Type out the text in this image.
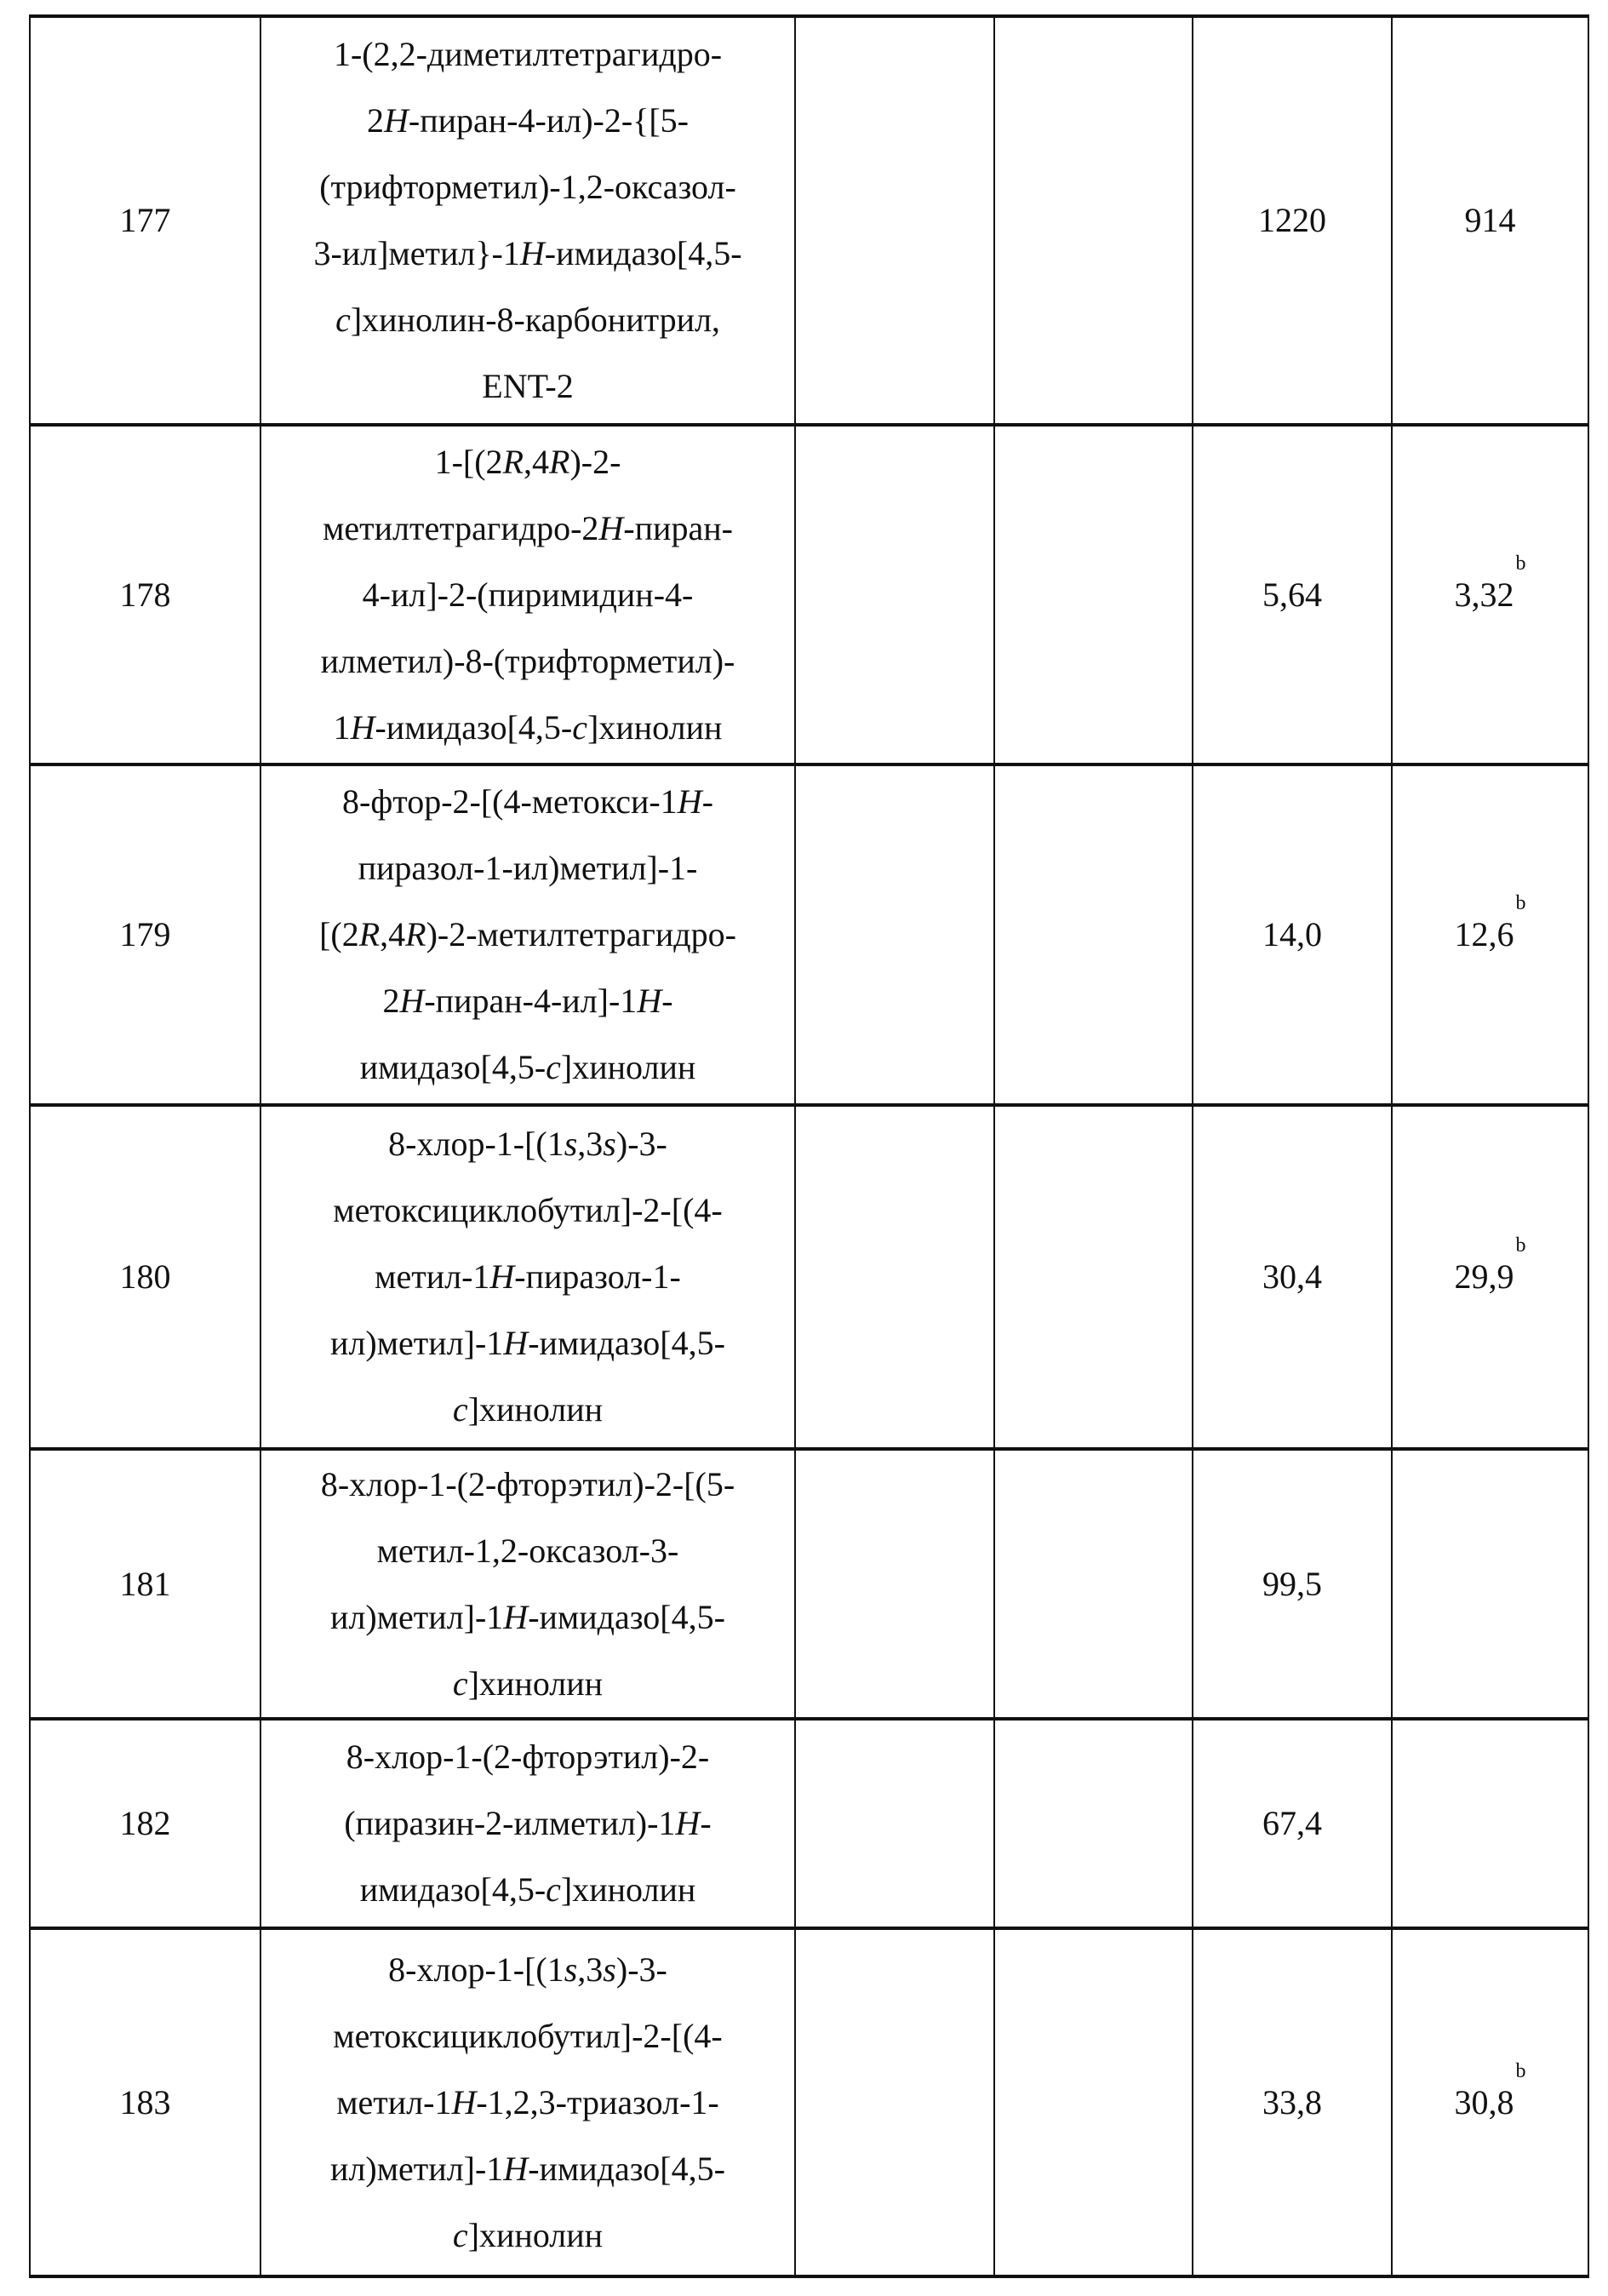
177	
1-(2,2-диметилтетрагидро-
2H-пиран-4-ил)-2-{[5-
(трифторметил)-1,2-оксазол-
3-ил]метил}-1H-имидазо[4,5-
c]хинолин-8-карбонитрил,
ENT-2
			1220	914
178	
1-[(2R,4R)-2-
метилтетрагидро-2H-пиран-
4-ил]-2-(пиримидин-4-
илметил)-8-(трифторметил)-
1H-имидазо[4,5-c]хинолин
			5,64	3,32b
179	
8-фтор-2-[(4-метокси-1H-
пиразол-1-ил)метил]-1-
[(2R,4R)-2-метилтетрагидро-
2H-пиран-4-ил]-1H-
имидазо[4,5-c]хинолин
			14,0	12,6b
180	
8-хлор-1-[(1s,3s)-3-
метоксициклобутил]-2-[(4-
метил-1H-пиразол-1-
ил)метил]-1H-имидазо[4,5-
c]хинолин
			30,4	29,9b
181	
8-хлор-1-(2-фторэтил)-2-[(5-
метил-1,2-оксазол-3-
ил)метил]-1H-имидазо[4,5-
c]хинолин
			99,5	
182	
8-хлор-1-(2-фторэтил)-2-
(пиразин-2-илметил)-1H-
имидазо[4,5-c]хинолин
			67,4	
183	
8-хлор-1-[(1s,3s)-3-
метоксициклобутил]-2-[(4-
метил-1H-1,2,3-триазол-1-
ил)метил]-1H-имидазо[4,5-
c]хинолин
			33,8	30,8b
